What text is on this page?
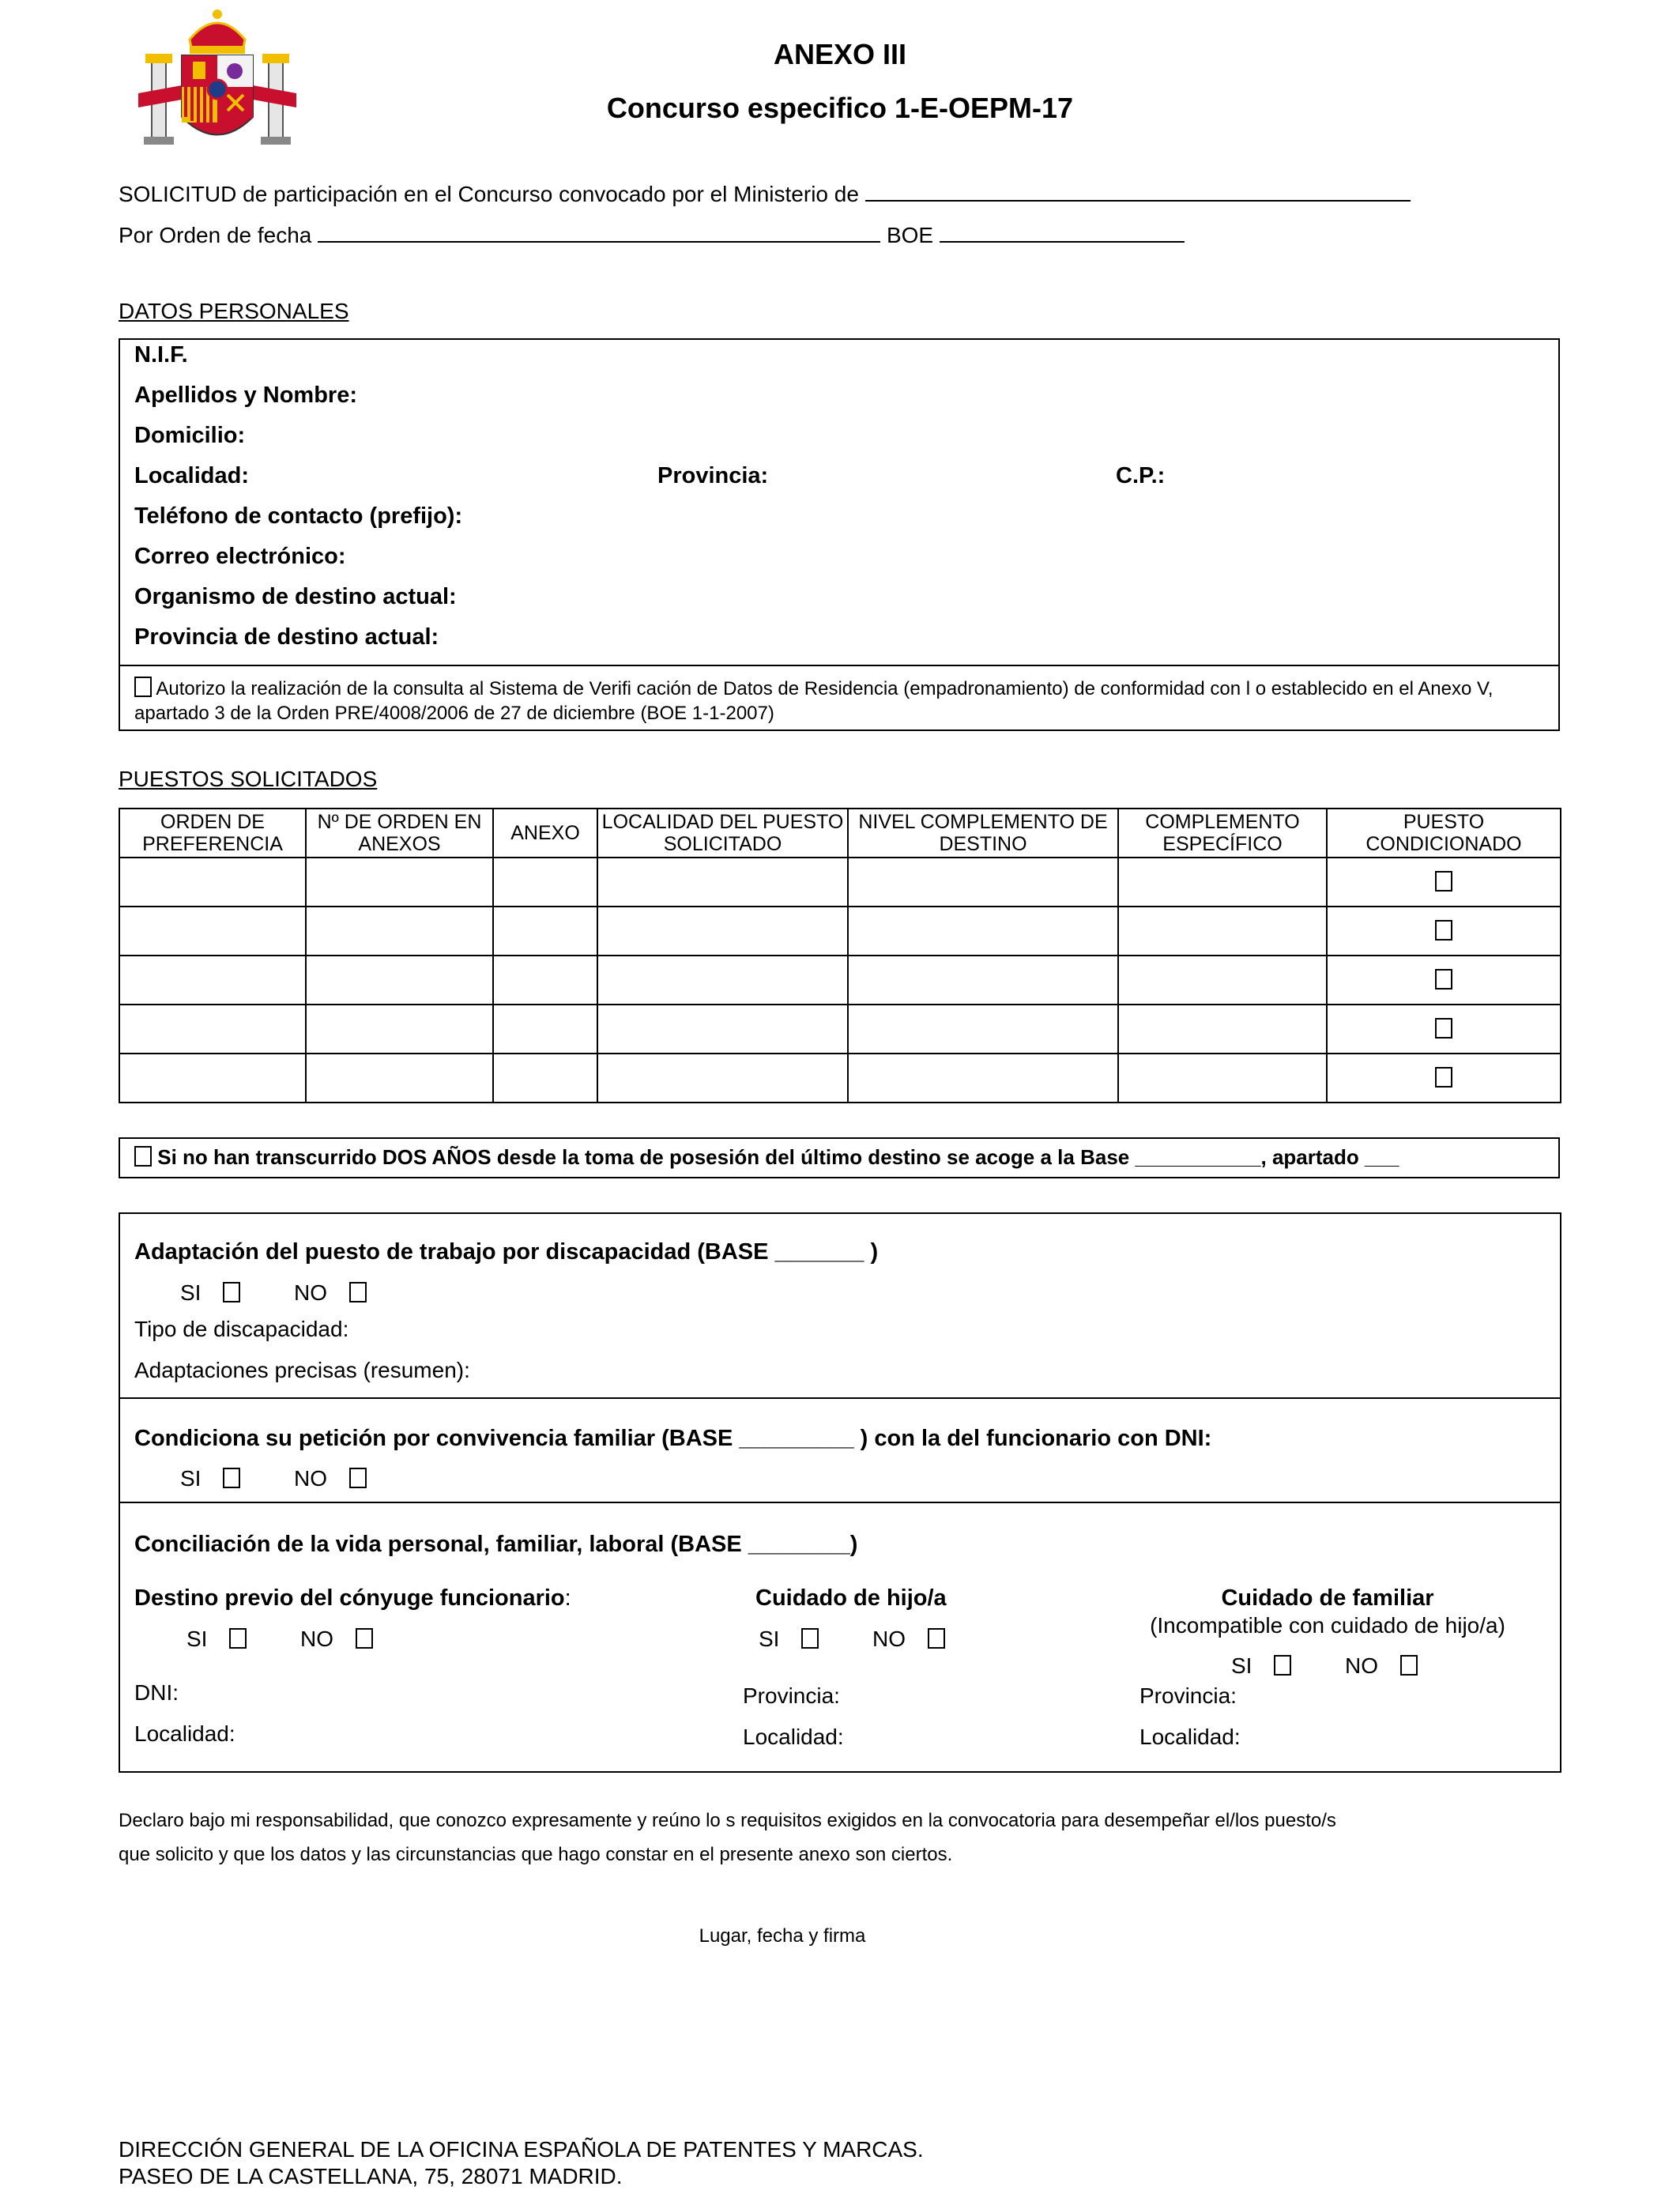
ANEXO III
Concurso especifico 1-E-OEPM-17
SOLICITUD de participación en el Concurso convocado por el Ministerio de
Por Orden de fecha	BOE
DATOS PERSONALES
N.I.F.
Apellidos y Nombre:
Domicilio:
Localidad:	Provincia:	C.P.:
Teléfono de contacto (prefijo):
Correo electrónico:
Organismo de destino actual:
Provincia de destino actual:
Autorizo la realización de la consulta al Sistema de Verifi cación de Datos de Residencia (empadronamiento) de conformidad con l o establecido en el Anexo V, apartado 3 de la Orden PRE/4008/2006 de 27 de diciembre (BOE 1-1-2007)
PUESTOS SOLICITADOS
ORDEN DE PREFERENCIA	Nº DE ORDEN EN ANEXOS	ANEXO	LOCALIDAD DEL PUESTO SOLICITADO	NIVEL COMPLEMENTO DE DESTINO	COMPLEMENTO ESPECÍFICO	PUESTO CONDICIONADO

Si no han transcurrido DOS AÑOS desde la toma de posesión del último destino se acoge a la Base ___________, apartado ___
Adaptación del puesto de trabajo por discapacidad (BASE _______ )
SI	NO
Tipo de discapacidad:
Adaptaciones precisas (resumen):
Condiciona su petición por convivencia familiar (BASE _________ ) con la del funcionario con DNI:
SI	NO
Conciliación de la vida personal, familiar, laboral (BASE ________)
Destino previo del cónyuge funcionario:
SI	NO
DNI:
Localidad:
Cuidado de hijo/a
SI	NO
Provincia:
Localidad:
Cuidado de familiar
(Incompatible con cuidado de hijo/a)
SI	NO
Provincia:
Localidad:
Declaro bajo mi responsabilidad, que conozco expresamente y reúno lo s requisitos exigidos en la convocatoria para desempeñar el/los puesto/s
que solicito y que los datos y las circunstancias que hago constar en el presente anexo son ciertos.
Lugar, fecha y firma
DIRECCIÓN GENERAL DE LA OFICINA ESPAÑOLA DE PATENTES Y MARCAS.
PASEO DE LA CASTELLANA, 75, 28071 MADRID.
